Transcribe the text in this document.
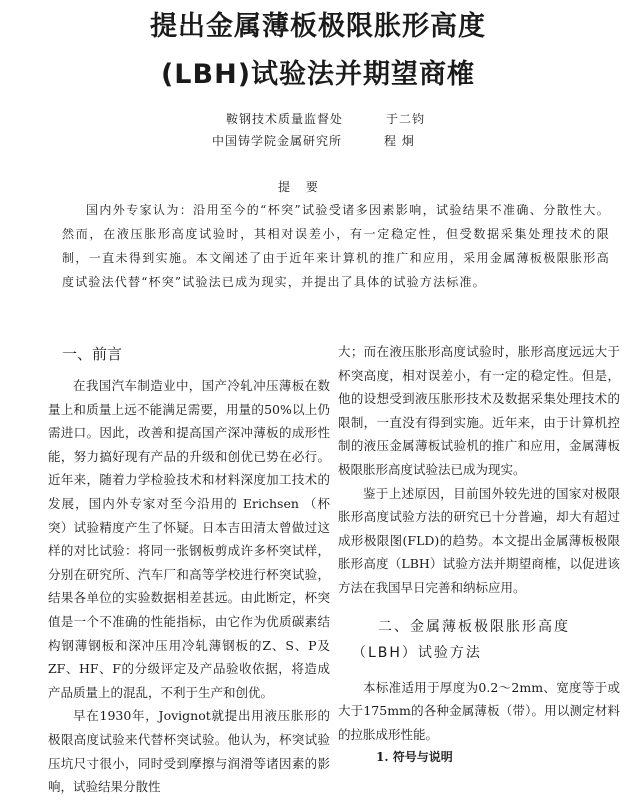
提出金属薄板极限胀形高度
(LBH)试验法并期望商榷
鞍钢技术质量监督处	于二钧
中国铸学院金属研究所	程 炯
提 要

国内外专家认为：沿用至今的“杯突”试验受诸多因素影响，试验结果不准确、分散性大。然而，在液压胀形高度试验时，其相对误差小，有一定稳定性，但受数据采集处理技术的限制，一直未得到实施。本文阐述了由于近年来计算机的推广和应用，采用金属薄板极限胀形高度试验法代替“杯突”试验法已成为现实，并提出了具体的试验方法标准。

一、前言

在我国汽车制造业中，国产冷轧冲压薄板在数量上和质量上远不能满足需要，用量的50%以上仍需进口。因此，改善和提高国产深冲薄板的成形性能，努力搞好现有产品的升级和创优已势在必行。近年来，随着力学检验技术和材料深度加工技术的发展，国内外专家对至今沿用的 Erichsen （杯突）试验精度产生了怀疑。日本吉田清太曾做过这样的对比试验：将同一张钢板剪成许多杯突试样，分别在研究所、汽车厂和高等学校进行杯突试验，结果各单位的实验数据相差甚远。由此断定，杯突值是一个不准确的性能指标，由它作为优质碳素结构钢薄钢板和深冲压用冷轧薄钢板的Z、S、P及ZF、HF、F的分级评定及产品验收依据，将造成产品质量上的混乱，不利于生产和创优。

早在1930年，Jovignot就提出用液压胀形的极限高度试验来代替杯突试验。他认为，杯突试验压坑尺寸很小，同时受到摩擦与润滑等诸因素的影响，试验结果分散性

大；而在液压胀形高度试验时，胀形高度远远大于杯突高度，相对误差小，有一定的稳定性。但是，他的设想受到液压胀形技术及数据采集处理技术的限制，一直没有得到实施。近年来，由于计算机控制的液压金属薄板试验机的推广和应用，金属薄板极限胀形高度试验法已成为现实。

鉴于上述原因，目前国外较先进的国家对极限胀形高度试验方法的研究已十分普遍，却大有超过成形极限图(FLD)的趋势。本文提出金属薄板极限胀形高度（LBH）试验方法并期望商榷，以促进该方法在我国早日完善和纳标应用。

二、金属薄板极限胀形高度
（LBH）试验方法

本标准适用于厚度为0.2～2mm、宽度等于或大于175mm的各种金属薄板（带）。用以测定材料的拉胀成形性能。

1. 符号与说明
